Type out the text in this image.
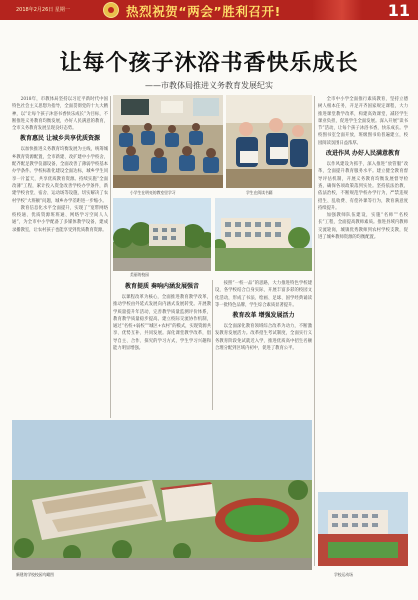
2018年2月26日 星期一	热烈祝贺“两会”胜利召开!	11
让每个孩子沐浴书香快乐成长
——市教体局推进义务教育发展纪实

2018年，市教体局坚持以习近平新时代中国特色社会主义思想为指导，全面贯彻党的十九大精神，以“让每个孩子沐浴书香快乐成长”为目标，不断推进义务教育均衡发展，办好人民满意的教育，全市义务教育发展呈现良好态势。

教育惠民 让城乡共享优质资源

以加快推进义务教育均衡发展为主线，统筹城乡教育资源配置，全市新建、改扩建中小学校舍，配齐配足教学仪器设备，全面改善了薄弱学校基本办学条件。学校标准化建设全面达标，城乡学生同享一片蓝天，共享优质教育资源。持续实施“全面改薄”工程，累计投入资金改善学校办学条件，新建学校食堂、宿舍、运动场等设施，切实解决了农村学校“大班额”问题，城乡办学差距进一步缩小。

教育信息化水平全面提升，实现了“宽带网络校校通、优质资源班班通、网络学习空间人人通”，为全市中小学配备了多媒体教学设备，建成录播教室，让农村孩子也能享受到优质教育资源。

小学生在明亮的教室里学习	学生在阅读书籍
美丽的校园
教育提质 奏响内涵发展强音

以课程改革为核心，全面推进教育教学改革，推动学校由外延式发展向内涵式发展转变。开展教学质量提升年活动，完善教学质量监测评价体系，教育教学质量稳步提高。建立校际交流协作机制，通过“名校+弱校”“城区+农村”的模式，实现资源共享、优势互补、共同发展。深化课堂教学改革，倡导自主、合作、探究的学习方式，学生学习兴趣和能力明显增强。

按照“一校一品”的思路，大力推进特色学校建设，各学校结合自身实际，开展丰富多彩的校园文化活动，形成了书法、绘画、足球、国学经典诵读等一批特色品牌，学生综合素质显著提升。

教育改革 增强发展活力

以全面深化教育领域综合改革为动力，不断激发教育发展活力。改革招生考试制度，全面实行义务教育阶段免试就近入学，推进优质高中招生名额合理分配到区域内初中，促进了教育公平。

全市中小学全面推行素质教育，坚持立德树人根本任务，开足开齐国家规定课程，大力推进课堂教学改革，构建高效课堂，减轻学生课业负担，促进学生全面发展。深入开展“读书节”活动，让每个孩子沐浴书香，快乐成长。学校图书室全面开放，班级图书角普遍建立，校园阅读氛围日益浓厚。

改进作风 办好人民满意教育

以作风建设为抓手，深入推进“放管服”改革，全面提升教育服务水平。建立健全教育督导评估机制，开展义务教育均衡发展督导检查，确保各项政策落到实处。坚持依法治教、依法治校，不断规范学校办学行为，严禁违规招生、乱收费、有偿补课等行为，教育满意度持续提升。

加强教师队伍建设，实施“名师”“名校长”工程，全面提高教师素质。推进县域内教师交流轮岗，城镇优秀教师到农村学校支教，促进了城乡教师资源的均衡配置。

新建的学校校园鸟瞰图	学校运动场
